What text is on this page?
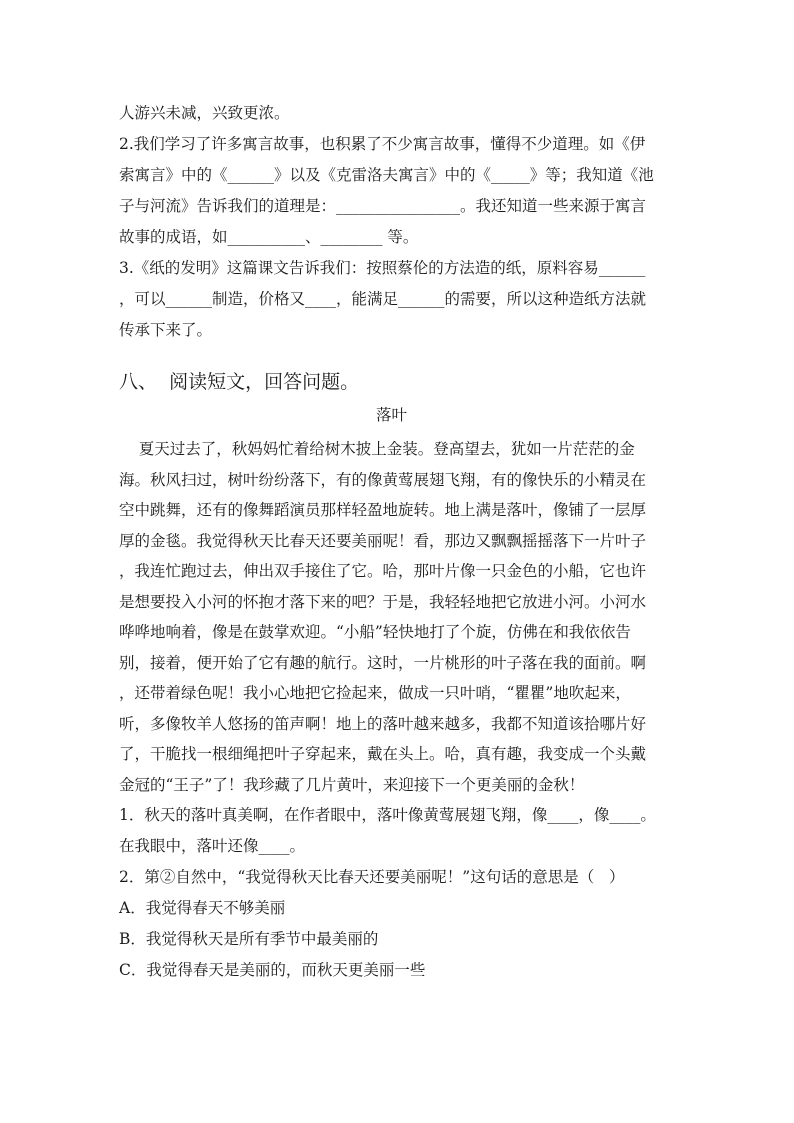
人游兴未减，兴致更浓。
2.我们学习了许多寓言故事，也积累了不少寓言故事，懂得不少道理。如《伊
索寓言》中的《______》以及《克雷洛夫寓言》中的《_____》等；我知道《池
子与河流》告诉我们的道理是：________________。我还知道一些来源于寓言
故事的成语，如__________、________ 等。
3.《纸的发明》这篇课文告诉我们：按照蔡伦的方法造的纸，原料容易______
，可以______制造，价格又____，能满足______的需要，所以这种造纸方法就
传承下来了。
八、  阅读短文，回答问题。
落叶
夏天过去了，秋妈妈忙着给树木披上金装。登高望去，犹如一片茫茫的金
海。秋风扫过，树叶纷纷落下，有的像黄莺展翅飞翔，有的像快乐的小精灵在
空中跳舞，还有的像舞蹈演员那样轻盈地旋转。地上满是落叶，像铺了一层厚
厚的金毯。我觉得秋天比春天还要美丽呢！看，那边又飘飘摇摇落下一片叶子
，我连忙跑过去，伸出双手接住了它。哈，那叶片像一只金色的小船，它也许
是想要投入小河的怀抱才落下来的吧？于是，我轻轻地把它放进小河。小河水
哗哗地响着，像是在鼓掌欢迎。“小船”轻快地打了个旋，仿佛在和我依依告
别，接着，便开始了它有趣的航行。这时，一片桃形的叶子落在我的面前。啊
，还带着绿色呢！我小心地把它捡起来，做成一只叶哨，“瞿瞿”地吹起来，
听，多像牧羊人悠扬的笛声啊！地上的落叶越来越多，我都不知道该拾哪片好
了，干脆找一根细绳把叶子穿起来，戴在头上。哈，真有趣，我变成一个头戴
金冠的“王子”了！我珍藏了几片黄叶，来迎接下一个更美丽的金秋！
1．秋天的落叶真美啊，在作者眼中，落叶像黄莺展翅飞翔，像____，像____。
在我眼中，落叶还像____。
2．第②自然中，“我觉得秋天比春天还要美丽呢！”这句话的意思是（   ）
A．我觉得春天不够美丽
B．我觉得秋天是所有季节中最美丽的
C．我觉得春天是美丽的，而秋天更美丽一些
